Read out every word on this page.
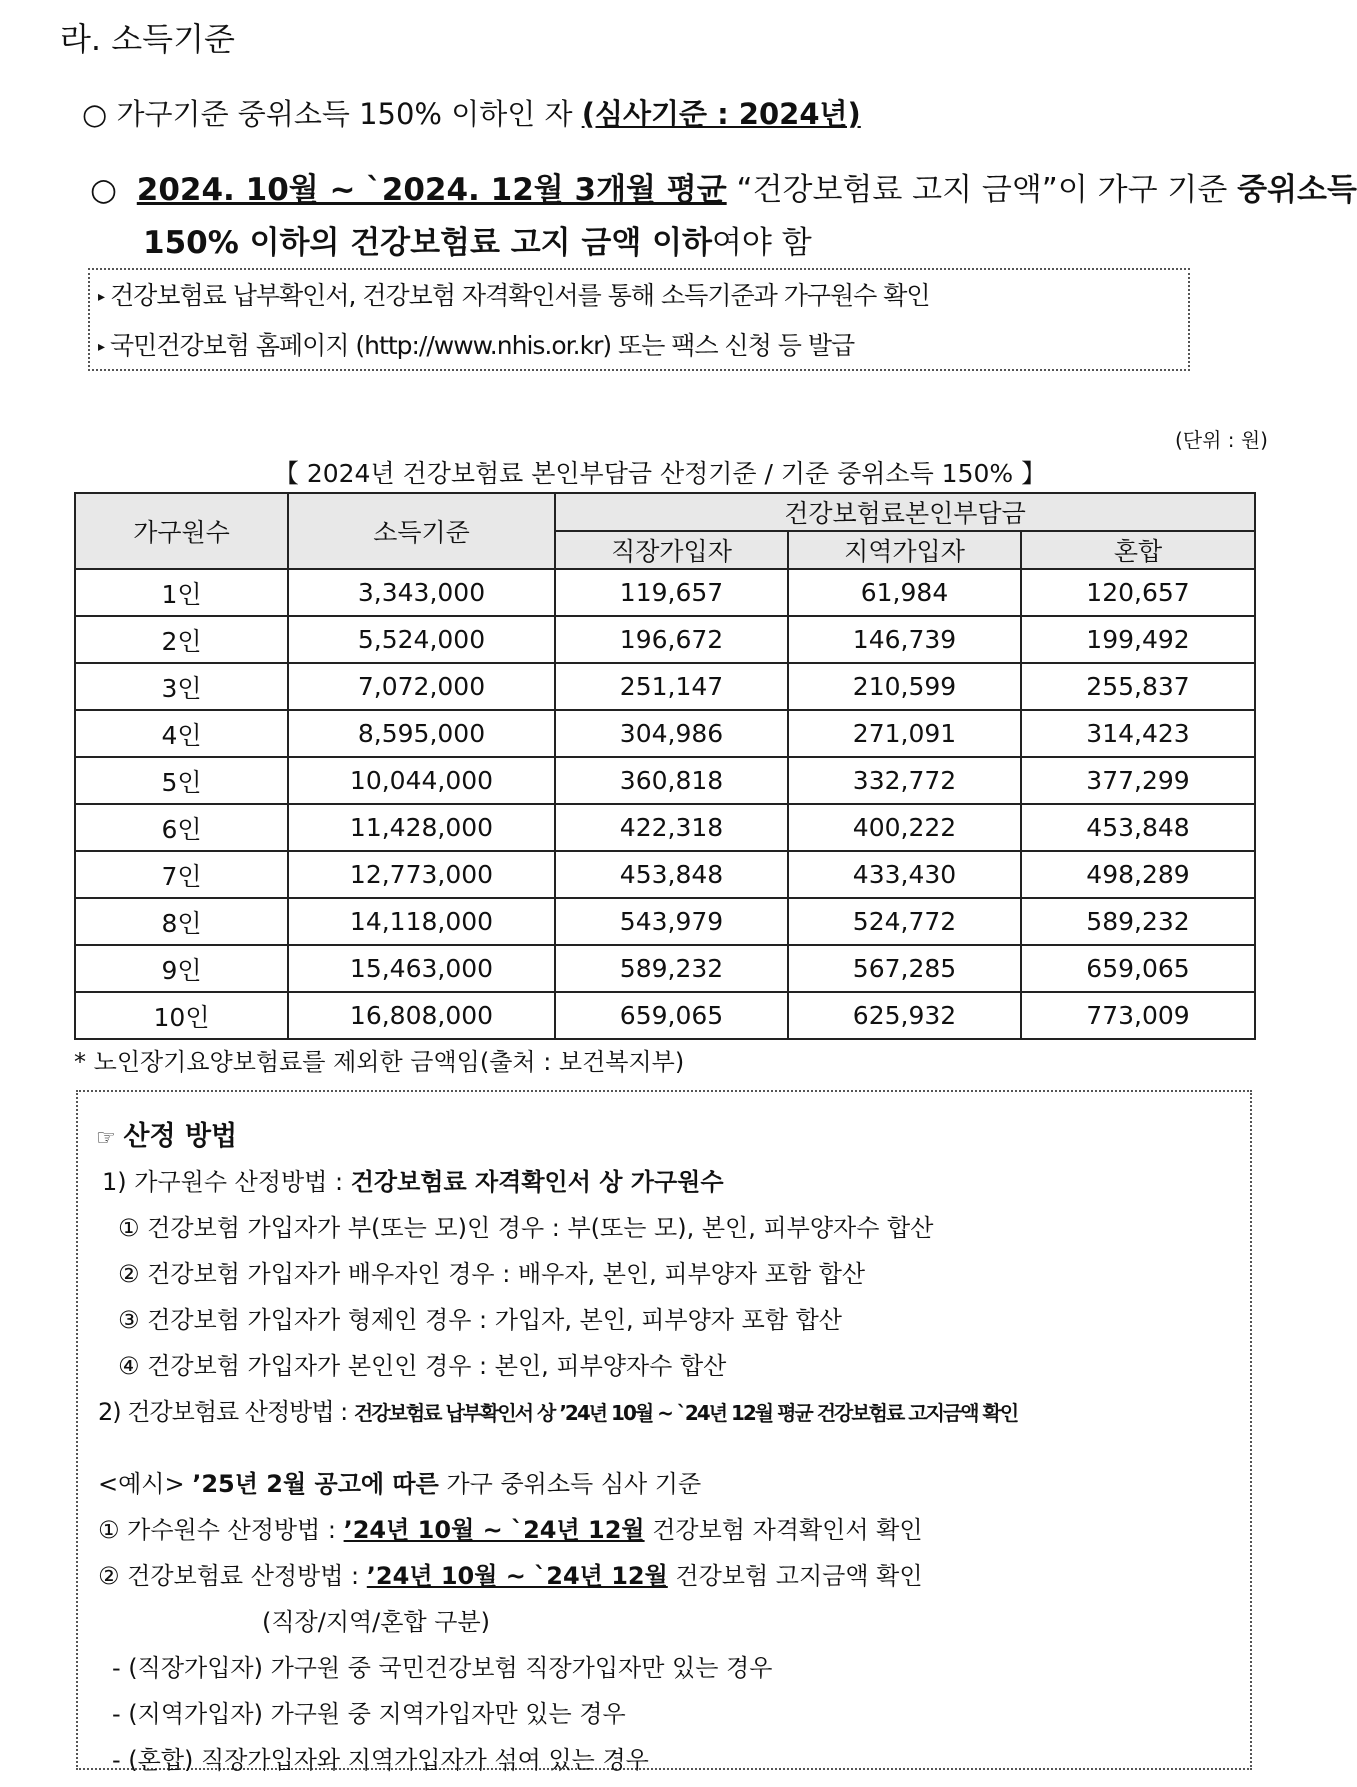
라. 소득기준
○ 가구기준 중위소득 150% 이하인 자 (심사기준 : 2024년)
○ 2024. 10월 ~ `2024. 12월 3개월 평균 “건강보험료 고지 금액”이 가구 기준 중위소득
150% 이하의 건강보험료 고지 금액 이하여야 함
▸ 건강보험료 납부확인서, 건강보험 자격확인서를 통해 소득기준과 가구원수 확인
▸ 국민건강보험 홈페이지 (http://www.nhis.or.kr) 또는 팩스 신청 등 발급
(단위 : 원)
【 2024년 건강보험료 본인부담금 산정기준 / 기준 중위소득 150% 】
가구원수	소득기준	건강보험료본인부담금		
		직장가입자	지역가입자	혼합
1인	3,343,000	119,657	61,984	120,657
2인	5,524,000	196,672	146,739	199,492
3인	7,072,000	251,147	210,599	255,837
4인	8,595,000	304,986	271,091	314,423
5인	10,044,000	360,818	332,772	377,299
6인	11,428,000	422,318	400,222	453,848
7인	12,773,000	453,848	433,430	498,289
8인	14,118,000	543,979	524,772	589,232
9인	15,463,000	589,232	567,285	659,065
10인	16,808,000	659,065	625,932	773,009
* 노인장기요양보험료를 제외한 금액임(출처 : 보건복지부)
☞ 산정 방법
1) 가구원수 산정방법 : 건강보험료 자격확인서 상 가구원수
① 건강보험 가입자가 부(또는 모)인 경우 : 부(또는 모), 본인, 피부양자수 합산
② 건강보험 가입자가 배우자인 경우 : 배우자, 본인, 피부양자 포함 합산
③ 건강보험 가입자가 형제인 경우 : 가입자, 본인, 피부양자 포함 합산
④ 건강보험 가입자가 본인인 경우 : 본인, 피부양자수 합산
2) 건강보험료 산정방법 : 건강보험료 납부확인서 상 ’24년 10월 ~ `24년 12월 평균 건강보험료 고지금액 확인
<예시> ’25년 2월 공고에 따른 가구 중위소득 심사 기준
① 가수원수 산정방법 : ’24년 10월 ~ `24년 12월 건강보험 자격확인서 확인
② 건강보험료 산정방법 : ’24년 10월 ~ `24년 12월 건강보험 고지금액 확인
(직장/지역/혼합 구분)
- (직장가입자) 가구원 중 국민건강보험 직장가입자만 있는 경우
- (지역가입자) 가구원 중 지역가입자만 있는 경우
- (혼합) 직장가입자와 지역가입자가 섞여 있는 경우
